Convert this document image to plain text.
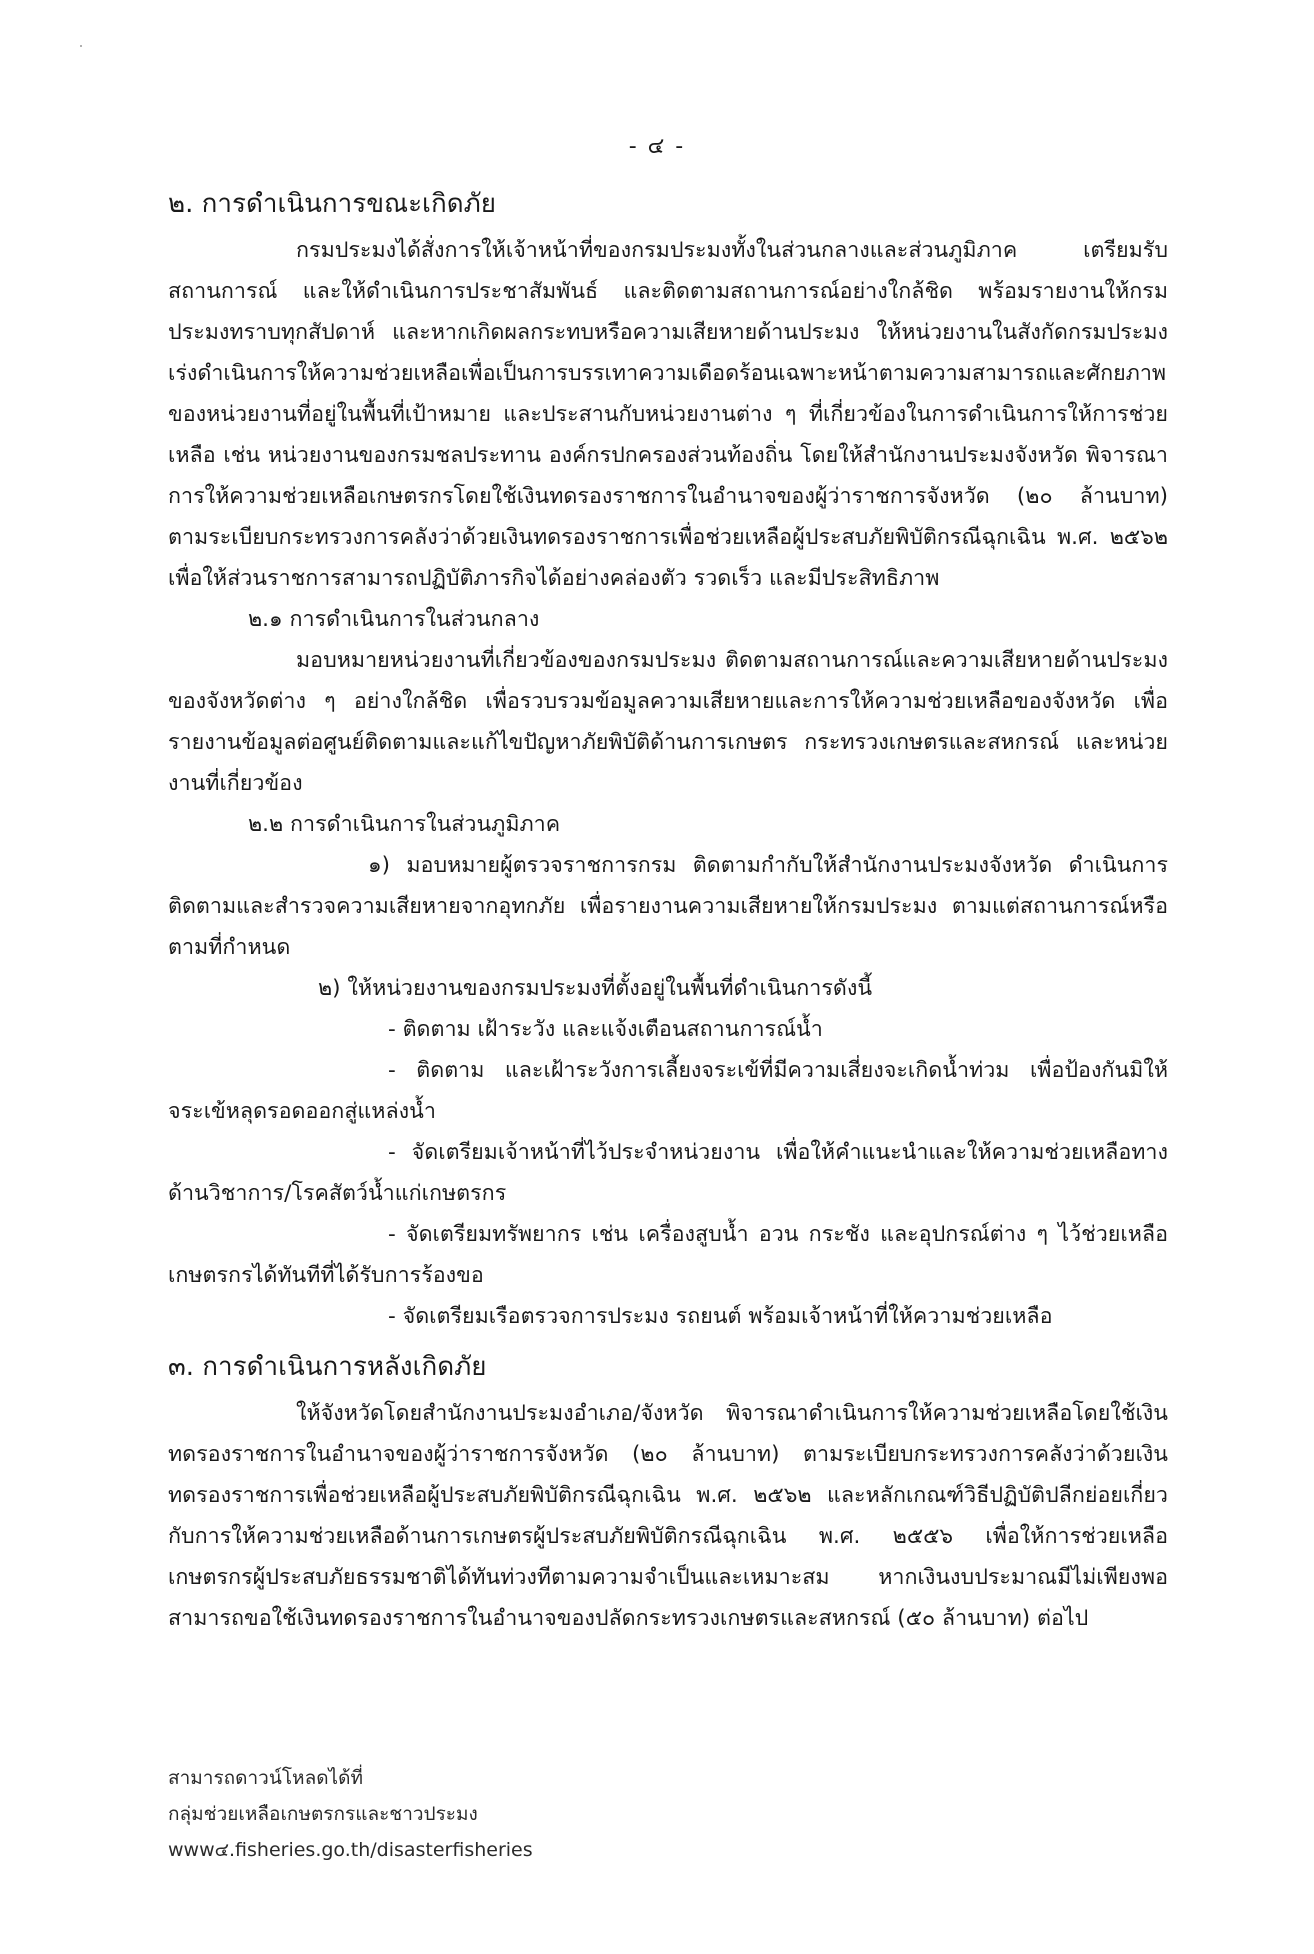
- ๔ -
๒. การดำเนินการขณะเกิดภัย

กรมประมงได้สั่งการให้เจ้าหน้าที่ของกรมประมงทั้งในส่วนกลางและส่วนภูมิภาค เตรียมรับสถานการณ์ และให้ดำเนินการประชาสัมพันธ์ และติดตามสถานการณ์อย่างใกล้ชิด พร้อมรายงานให้กรมประมงทราบทุกสัปดาห์ และหากเกิดผลกระทบหรือความเสียหายด้านประมง ให้หน่วยงานในสังกัดกรมประมงเร่งดำเนินการให้ความช่วยเหลือเพื่อเป็นการบรรเทาความเดือดร้อนเฉพาะหน้าตามความสามารถและศักยภาพของหน่วยงานที่อยู่ในพื้นที่เป้าหมาย และประสานกับหน่วยงานต่าง ๆ ที่เกี่ยวข้องในการดำเนินการให้การช่วยเหลือ เช่น หน่วยงานของกรมชลประทาน องค์กรปกครองส่วนท้องถิ่น โดยให้สำนักงานประมงจังหวัด พิจารณาการให้ความช่วยเหลือเกษตรกรโดยใช้เงินทดรองราชการในอำนาจของผู้ว่าราชการจังหวัด (๒๐ ล้านบาท) ตามระเบียบกระทรวงการคลังว่าด้วยเงินทดรองราชการเพื่อช่วยเหลือผู้ประสบภัยพิบัติกรณีฉุกเฉิน พ.ศ. ๒๕๖๒ เพื่อให้ส่วนราชการสามารถปฏิบัติภารกิจได้อย่างคล่องตัว รวดเร็ว และมีประสิทธิภาพ

๒.๑ การดำเนินการในส่วนกลาง

มอบหมายหน่วยงานที่เกี่ยวข้องของกรมประมง ติดตามสถานการณ์และความเสียหายด้านประมงของจังหวัดต่าง ๆ อย่างใกล้ชิด เพื่อรวบรวมข้อมูลความเสียหายและการให้ความช่วยเหลือของจังหวัด เพื่อรายงานข้อมูลต่อศูนย์ติดตามและแก้ไขปัญหาภัยพิบัติด้านการเกษตร กระทรวงเกษตรและสหกรณ์ และหน่วยงานที่เกี่ยวข้อง

๒.๒ การดำเนินการในส่วนภูมิภาค

๑) มอบหมายผู้ตรวจราชการกรม ติดตามกำกับให้สำนักงานประมงจังหวัด ดำเนินการติดตามและสำรวจความเสียหายจากอุทกภัย เพื่อรายงานความเสียหายให้กรมประมง ตามแต่สถานการณ์หรือตามที่กำหนด

๒) ให้หน่วยงานของกรมประมงที่ตั้งอยู่ในพื้นที่ดำเนินการดังนี้

- ติดตาม เฝ้าระวัง และแจ้งเตือนสถานการณ์น้ำ

- ติดตาม และเฝ้าระวังการเลี้ยงจระเข้ที่มีความเสี่ยงจะเกิดน้ำท่วม เพื่อป้องกันมิให้จระเข้หลุดรอดออกสู่แหล่งน้ำ

- จัดเตรียมเจ้าหน้าที่ไว้ประจำหน่วยงาน เพื่อให้คำแนะนำและให้ความช่วยเหลือทางด้านวิชาการ/โรคสัตว์น้ำแก่เกษตรกร

- จัดเตรียมทรัพยากร เช่น เครื่องสูบน้ำ อวน กระชัง และอุปกรณ์ต่าง ๆ ไว้ช่วยเหลือเกษตรกรได้ทันทีที่ได้รับการร้องขอ

- จัดเตรียมเรือตรวจการประมง รถยนต์ พร้อมเจ้าหน้าที่ให้ความช่วยเหลือ

๓. การดำเนินการหลังเกิดภัย

ให้จังหวัดโดยสำนักงานประมงอำเภอ/จังหวัด พิจารณาดำเนินการให้ความช่วยเหลือโดยใช้เงินทดรองราชการในอำนาจของผู้ว่าราชการจังหวัด (๒๐ ล้านบาท) ตามระเบียบกระทรวงการคลังว่าด้วยเงินทดรองราชการเพื่อช่วยเหลือผู้ประสบภัยพิบัติกรณีฉุกเฉิน พ.ศ. ๒๕๖๒ และหลักเกณฑ์วิธีปฏิบัติปลีกย่อยเกี่ยวกับการให้ความช่วยเหลือด้านการเกษตรผู้ประสบภัยพิบัติกรณีฉุกเฉิน พ.ศ. ๒๕๕๖ เพื่อให้การช่วยเหลือเกษตรกรผู้ประสบภัยธรรมชาติได้ทันท่วงทีตามความจำเป็นและเหมาะสม หากเงินงบประมาณมีไม่เพียงพอสามารถขอใช้เงินทดรองราชการในอำนาจของปลัดกระทรวงเกษตรและสหกรณ์ (๕๐ ล้านบาท) ต่อไป

สามารถดาวน์โหลดได้ที่
กลุ่มช่วยเหลือเกษตรกรและชาวประมง
www๔.fisheries.go.th/disasterfisheries
